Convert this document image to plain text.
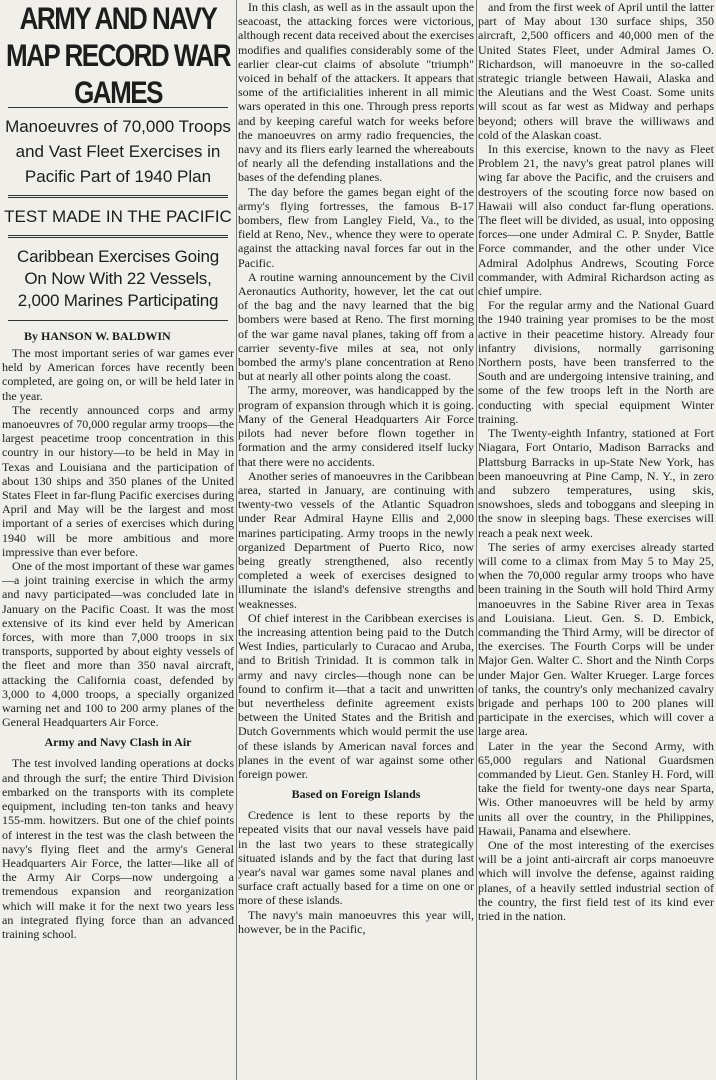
ARMY AND NAVY MAP RECORD WAR GAMES
Manoeuvres of 70,000 Troops and Vast Fleet Exercises in Pacific Part of 1940 Plan
TEST MADE IN THE PACIFIC
Caribbean Exercises Going On Now With 22 Vessels, 2,000 Marines Participating
By HANSON W. BALDWIN

The most important series of war games ever held by American forces have recently been completed, are going on, or will be held later in the year.

The recently announced corps and army manoeuvres of 70,000 regular army troops—the largest peacetime troop concentration in this country in our history—to be held in May in Texas and Louisiana and the participation of about 130 ships and 350 planes of the United States Fleet in far-flung Pacific exercises during April and May will be the largest and most important of a series of exercises which during 1940 will be more ambitious and more impressive than ever before.

One of the most important of these war games—a joint training exercise in which the army and navy participated—was concluded late in January on the Pacific Coast. It was the most extensive of its kind ever held by American forces, with more than 7,000 troops in six transports, supported by about eighty vessels of the fleet and more than 350 naval aircraft, attacking the California coast, defended by 3,000 to 4,000 troops, a specially organized warning net and 100 to 200 army planes of the General Headquarters Air Force.

Army and Navy Clash in Air

The test involved landing operations at docks and through the surf; the entire Third Division embarked on the transports with its complete equipment, including ten-ton tanks and heavy 155-mm. howitzers. But one of the chief points of interest in the test was the clash between the navy's flying fleet and the army's General Headquarters Air Force, the latter—like all of the Army Air Corps—now undergoing a tremendous expansion and reorganization which will make it for the next two years less an integrated flying force than an advanced training school.

In this clash, as well as in the assault upon the seacoast, the attacking forces were victorious, although recent data received about the exercises modifies and qualifies considerably some of the earlier clear-cut claims of absolute "triumph" voiced in behalf of the attackers. It appears that some of the artificialities inherent in all mimic wars operated in this one. Through press reports and by keeping careful watch for weeks before the manoeuvres on army radio frequencies, the navy and its fliers early learned the whereabouts of nearly all the defending installations and the bases of the defending planes.

The day before the games began eight of the army's flying fortresses, the famous B-17 bombers, flew from Langley Field, Va., to the field at Reno, Nev., whence they were to operate against the attacking naval forces far out in the Pacific.

A routine warning announcement by the Civil Aeronautics Authority, however, let the cat out of the bag and the navy learned that the big bombers were based at Reno. The first morning of the war game naval planes, taking off from a carrier seventy-five miles at sea, not only bombed the army's plane concentration at Reno but at nearly all other points along the coast.

The army, moreover, was handicapped by the program of expansion through which it is going. Many of the General Headquarters Air Force pilots had never before flown together in formation and the army considered itself lucky that there were no accidents.

Another series of manoeuvres in the Caribbean area, started in January, are continuing with twenty-two vessels of the Atlantic Squadron under Rear Admiral Hayne Ellis and 2,000 marines participating. Army troops in the newly organized Department of Puerto Rico, now being greatly strengthened, also recently completed a week of exercises designed to illuminate the island's defensive strengths and weaknesses.

Of chief interest in the Caribbean exercises is the increasing attention being paid to the Dutch West Indies, particularly to Curacao and Aruba, and to British Trinidad. It is common talk in army and navy circles—though none can be found to confirm it—that a tacit and unwritten but nevertheless definite agreement exists between the United States and the British and Dutch Governments which would permit the use of these islands by American naval forces and planes in the event of war against some other foreign power.

Based on Foreign Islands

Credence is lent to these reports by the repeated visits that our naval vessels have paid in the last two years to these strategically situated islands and by the fact that during last year's naval war games some naval planes and surface craft actually based for a time on one or more of these islands.

The navy's main manoeuvres this year will, however, be in the Pacific,

and from the first week of April until the latter part of May about 130 surface ships, 350 aircraft, 2,500 officers and 40,000 men of the United States Fleet, under Admiral James O. Richardson, will manoeuvre in the so-called strategic triangle between Hawaii, Alaska and the Aleutians and the West Coast. Some units will scout as far west as Midway and perhaps beyond; others will brave the williwaws and cold of the Alaskan coast.

In this exercise, known to the navy as Fleet Problem 21, the navy's great patrol planes will wing far above the Pacific, and the cruisers and destroyers of the scouting force now based on Hawaii will also conduct far-flung operations. The fleet will be divided, as usual, into opposing forces—one under Admiral C. P. Snyder, Battle Force commander, and the other under Vice Admiral Adolphus Andrews, Scouting Force commander, with Admiral Richardson acting as chief umpire.

For the regular army and the National Guard the 1940 training year promises to be the most active in their peacetime history. Already four infantry divisions, normally garrisoning Northern posts, have been transferred to the South and are undergoing intensive training, and some of the few troops left in the North are conducting with special equipment Winter training.

The Twenty-eighth Infantry, stationed at Fort Niagara, Fort Ontario, Madison Barracks and Plattsburg Barracks in up-State New York, has been manoeuvring at Pine Camp, N. Y., in zero and subzero temperatures, using skis, snowshoes, sleds and toboggans and sleeping in the snow in sleeping bags. These exercises will reach a peak next week.

The series of army exercises already started will come to a climax from May 5 to May 25, when the 70,000 regular army troops who have been training in the South will hold Third Army manoeuvres in the Sabine River area in Texas and Louisiana. Lieut. Gen. S. D. Embick, commanding the Third Army, will be director of the exercises. The Fourth Corps will be under Major Gen. Walter C. Short and the Ninth Corps under Major Gen. Walter Krueger. Large forces of tanks, the country's only mechanized cavalry brigade and perhaps 100 to 200 planes will participate in the exercises, which will cover a large area.

Later in the year the Second Army, with 65,000 regulars and National Guardsmen commanded by Lieut. Gen. Stanley H. Ford, will take the field for twenty-one days near Sparta, Wis. Other manoeuvres will be held by army units all over the country, in the Philippines, Hawaii, Panama and elsewhere.

One of the most interesting of the exercises will be a joint anti-aircraft air corps manoeuvre which will involve the defense, against raiding planes, of a heavily settled industrial section of the country, the first field test of its kind ever tried in the nation.
